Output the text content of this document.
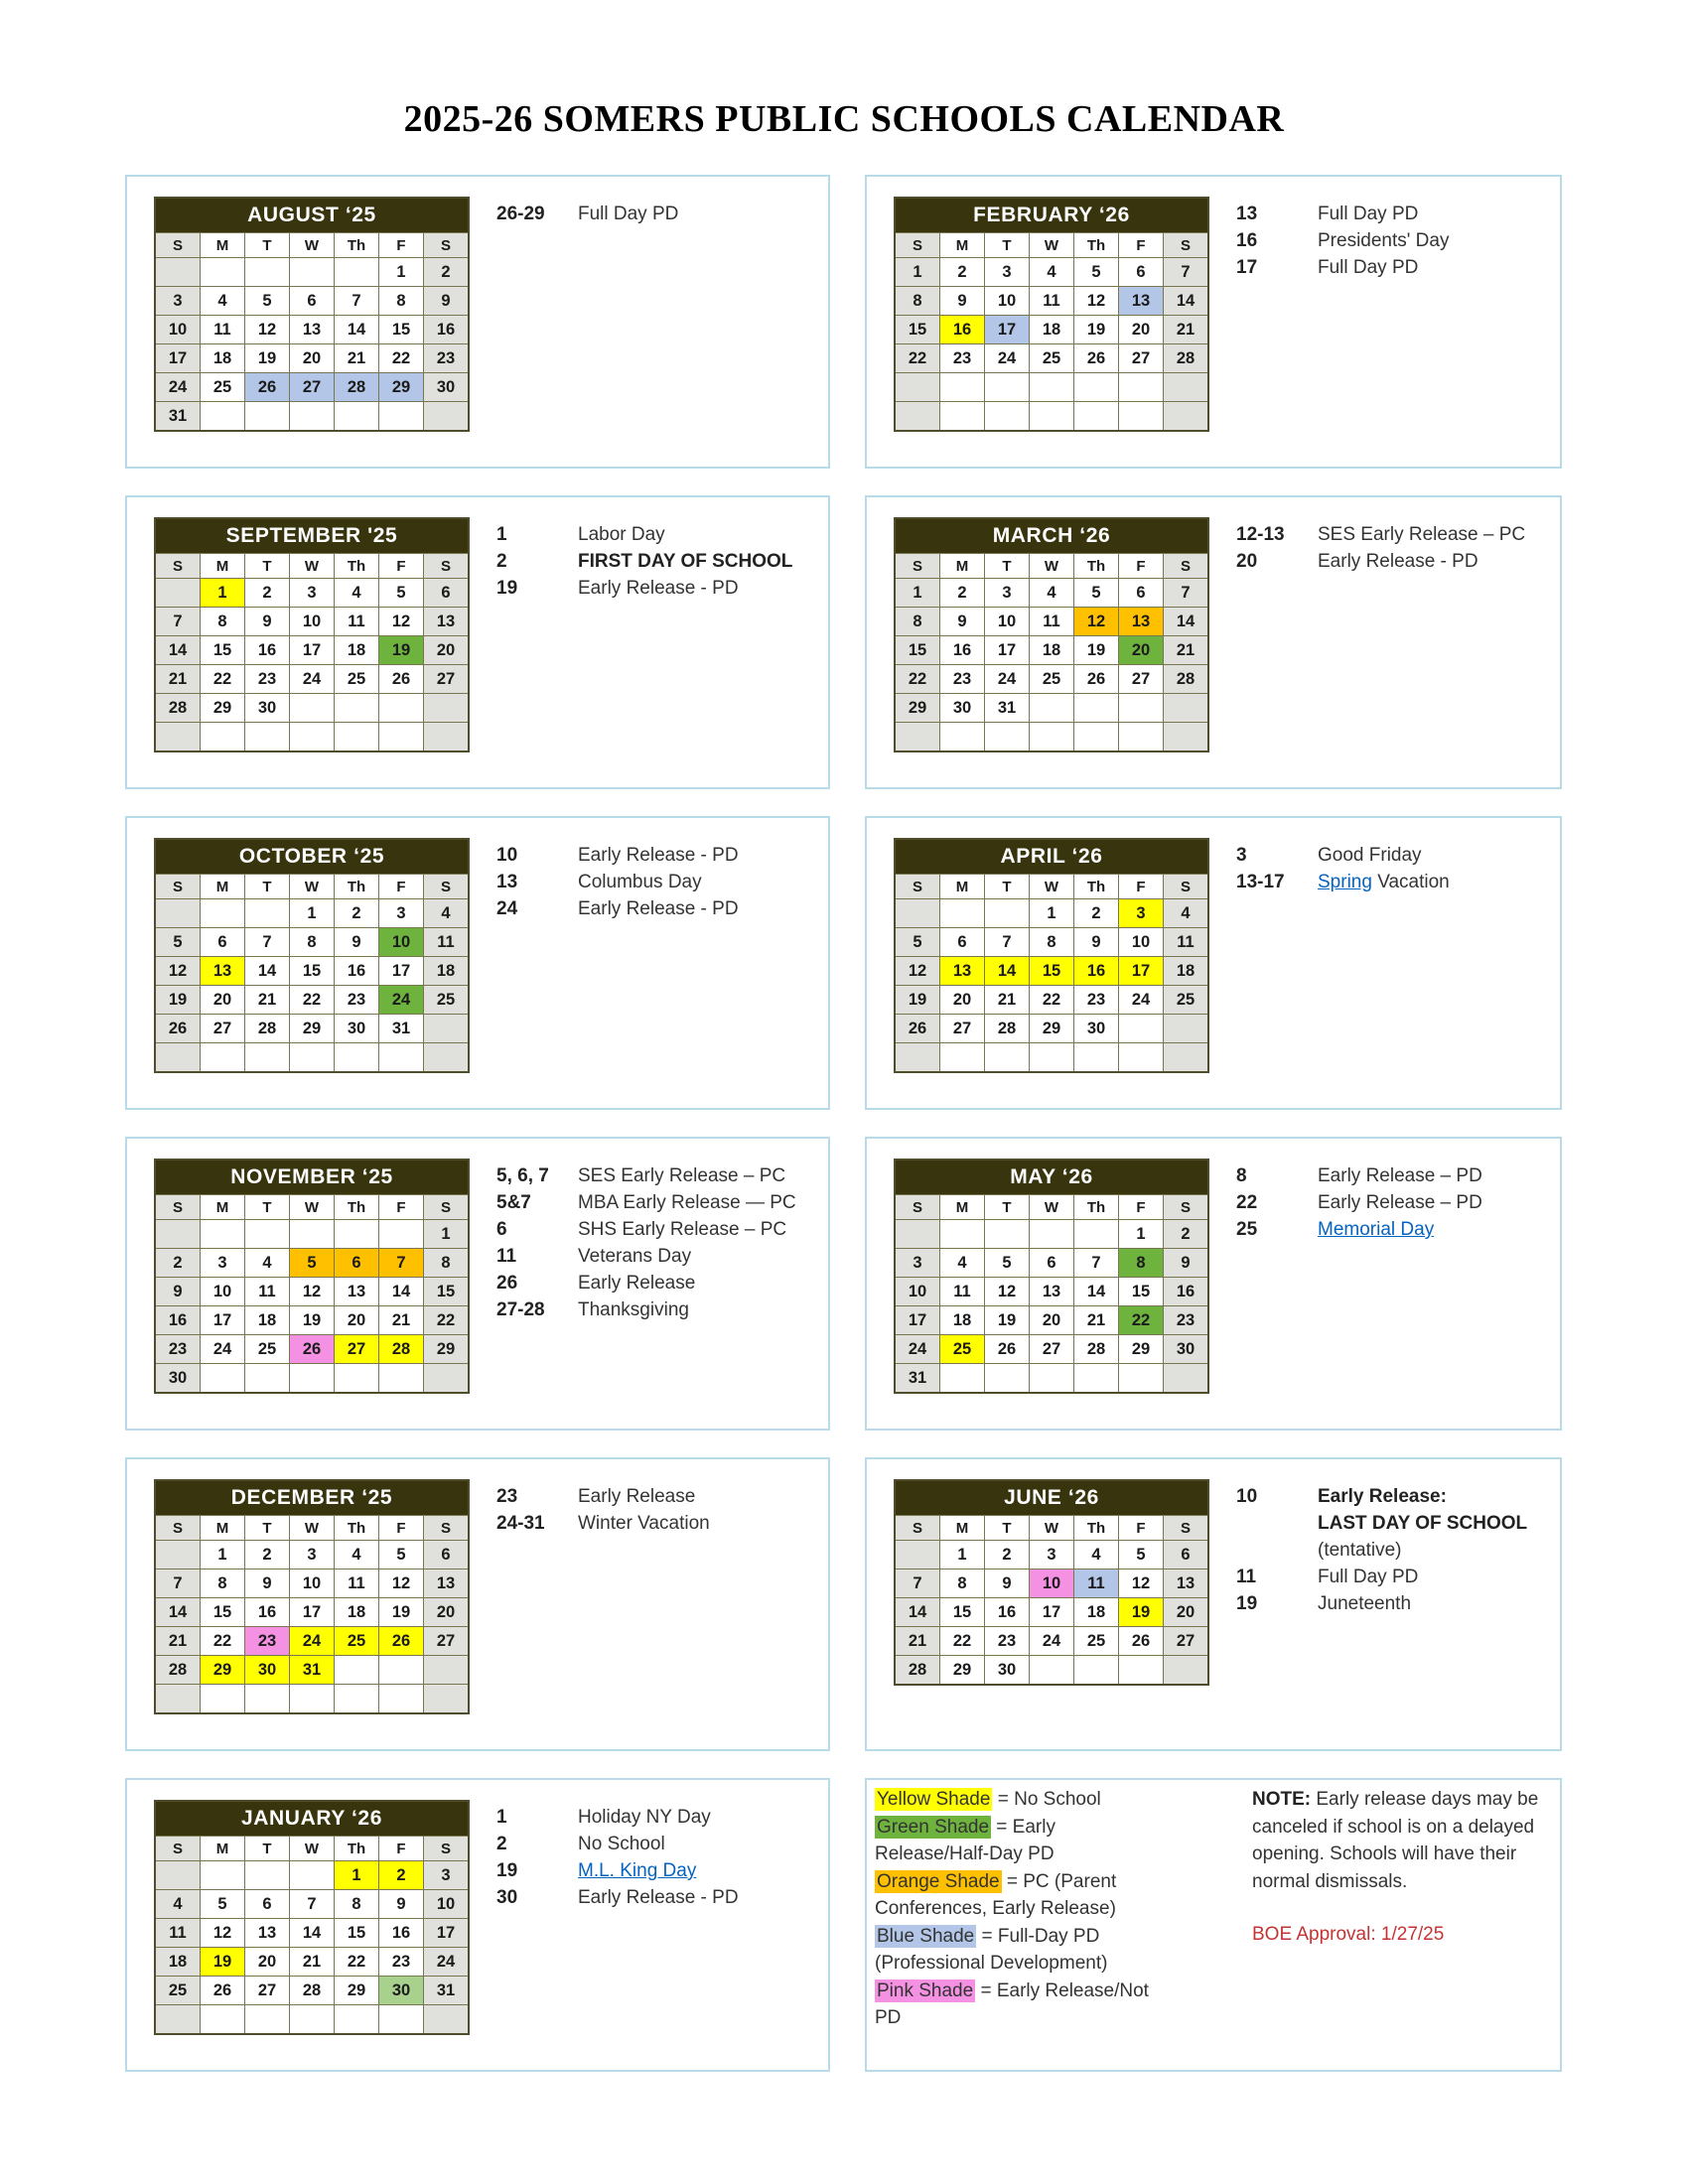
2025-26 SOMERS PUBLIC SCHOOLS CALENDAR
AUGUST ‘25						
S	M	T	W	Th	F	S
					1	2
3	4	5	6	7	8	9
10	11	12	13	14	15	16
17	18	19	20	21	22	23
24	25	26	27	28	29	30
31						
26-29	Full Day PD	FEBRUARY ‘26						
S	M	T	W	Th	F	S
1	2	3	4	5	6	7
8	9	10	11	12	13	14
15	16	17	18	19	20	21
22	23	24	25	26	27	28

13	Full Day PD
16	Presidents' Day
17	Full Day PD
SEPTEMBER '25						
S	M	T	W	Th	F	S
	1	2	3	4	5	6
7	8	9	10	11	12	13
14	15	16	17	18	19	20
21	22	23	24	25	26	27
28	29	30				

1	Labor Day
2	FIRST DAY OF SCHOOL
19	Early Release - PD
MARCH ‘26						
S	M	T	W	Th	F	S
1	2	3	4	5	6	7
8	9	10	11	12	13	14
15	16	17	18	19	20	21
22	23	24	25	26	27	28
29	30	31				

12-13	SES Early Release – PC
20	Early Release - PD
OCTOBER ‘25						
S	M	T	W	Th	F	S
			1	2	3	4
5	6	7	8	9	10	11
12	13	14	15	16	17	18
19	20	21	22	23	24	25
26	27	28	29	30	31	

10	Early Release - PD
13	Columbus Day
24	Early Release - PD
APRIL ‘26						
S	M	T	W	Th	F	S
			1	2	3	4
5	6	7	8	9	10	11
12	13	14	15	16	17	18
19	20	21	22	23	24	25
26	27	28	29	30		

3	Good Friday
13-17	Spring Vacation
NOVEMBER ‘25						
S	M	T	W	Th	F	S
						1
2	3	4	5	6	7	8
9	10	11	12	13	14	15
16	17	18	19	20	21	22
23	24	25	26	27	28	29
30						
5, 6, 7	SES Early Release – PC
5&7	MBA Early Release — PC
6	SHS Early Release – PC
11	Veterans Day
26	Early Release
27-28	Thanksgiving
MAY ‘26						
S	M	T	W	Th	F	S
					1	2
3	4	5	6	7	8	9
10	11	12	13	14	15	16
17	18	19	20	21	22	23
24	25	26	27	28	29	30
31						
8	Early Release – PD
22	Early Release – PD
25	Memorial Day
DECEMBER ‘25						
S	M	T	W	Th	F	S
	1	2	3	4	5	6
7	8	9	10	11	12	13
14	15	16	17	18	19	20
21	22	23	24	25	26	27
28	29	30	31			

23	Early Release
24-31	Winter Vacation
JUNE ‘26						
S	M	T	W	Th	F	S
	1	2	3	4	5	6
7	8	9	10	11	12	13
14	15	16	17	18	19	20
21	22	23	24	25	26	27
28	29	30				
10	Early Release:
LAST DAY OF SCHOOL
(tentative)
11	Full Day PD
19	Juneteenth
JANUARY ‘26						
S	M	T	W	Th	F	S
				1	2	3
4	5	6	7	8	9	10
11	12	13	14	15	16	17
18	19	20	21	22	23	24
25	26	27	28	29	30	31

1	Holiday NY Day
2	No School
19	M.L. King Day
30	Early Release - PD
Yellow Shade = No School
Green Shade = Early
Release/Half-Day PD
Orange Shade = PC (Parent
Conferences, Early Release)
Blue Shade = Full-Day PD
(Professional Development)
Pink Shade = Early Release/Not
PD
NOTE: Early release days may be canceled if school is on a delayed opening. Schools will have their normal dismissals.
BOE Approval: 1/27/25
